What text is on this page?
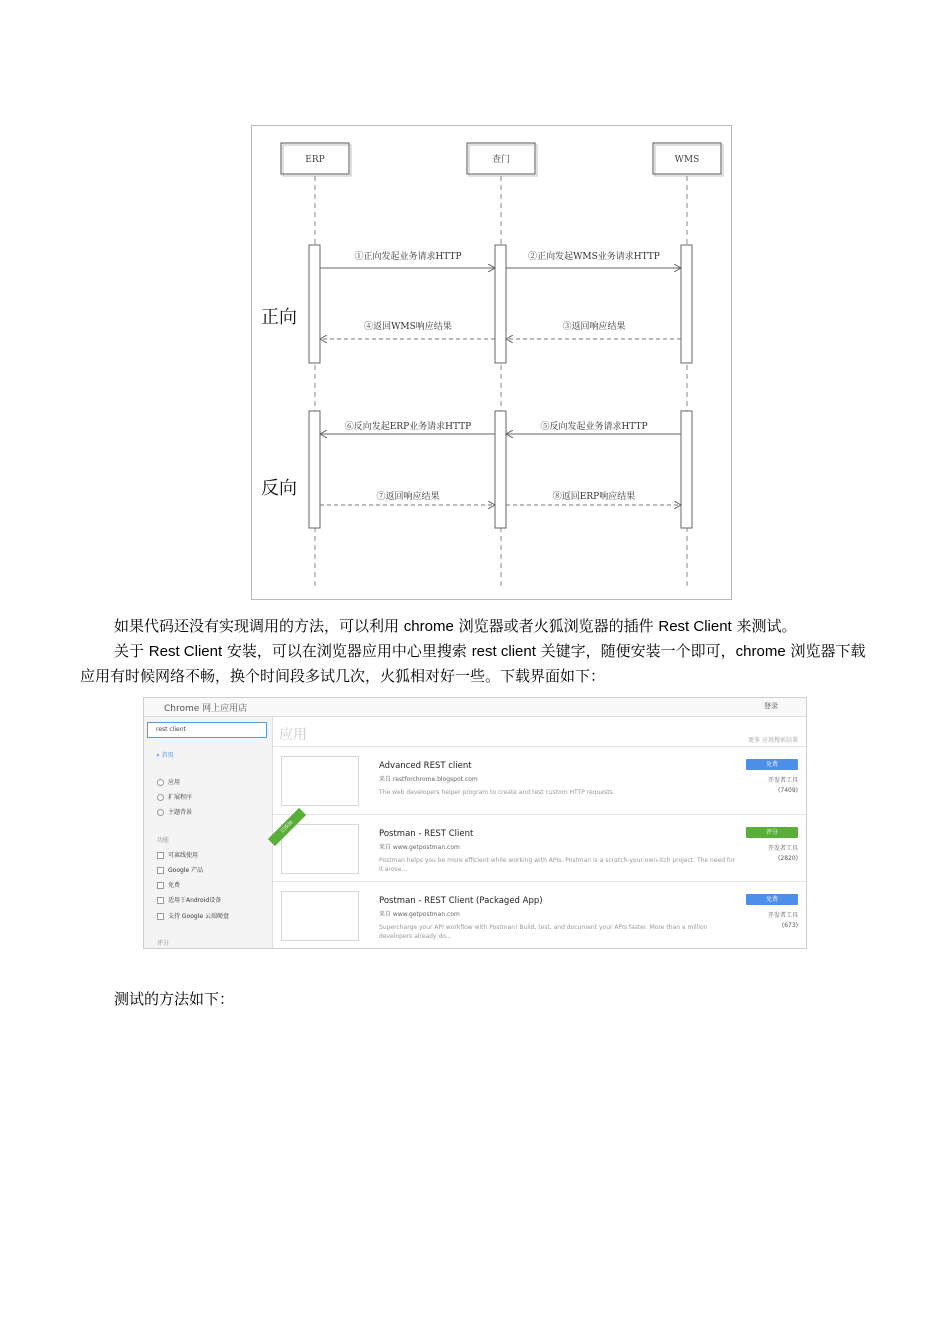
ERP	查门	WMS
①正向发起业务请求HTTP	②正向发起WMS业务请求HTTP
④返回WMS响应结果	③返回响应结果
⑥反向发起ERP业务请求HTTP	⑤反向发起业务请求HTTP
⑦返回响应结果	⑧返回ERP响应结果
正向
反向
如果代码还没有实现调用的方法，可以利用 chrome 浏览器或者火狐浏览器的插件 Rest Client 来测试。
关于 Rest Client 安装，可以在浏览器应用中心里搜索 rest client 关键字，随便安装一个即可，chrome 浏览器下载应用有时候网络不畅，换个时间段多试几次，火狐相对好一些。下载界面如下：
Chrome 网上应用店	登录
rest client
« 首页
应用
扩展程序
主题背景
功能
可离线使用
Google 产品
免费
适用于Android设备
支持 Google 云端硬盘
评分
应用	更多 应用搜索结果
Advanced REST client
来自 restforchrome.blogspot.com
The web developers helper program to create and test custom HTTP requests.
免费
开发者工具
(7409)
已添加	Postman - REST Client
来自 www.getpostman.com
Postman helps you be more efficient while working with APIs. Postman is a scratch-your-own-itch project. The need for it arose...
评分
开发者工具
(2820)
Postman - REST Client (Packaged App)
来自 www.getpostman.com
Supercharge your API workflow with Postman! Build, test, and document your APIs faster. More than a million developers already do...
免费
开发者工具
(673)
测试的方法如下：
